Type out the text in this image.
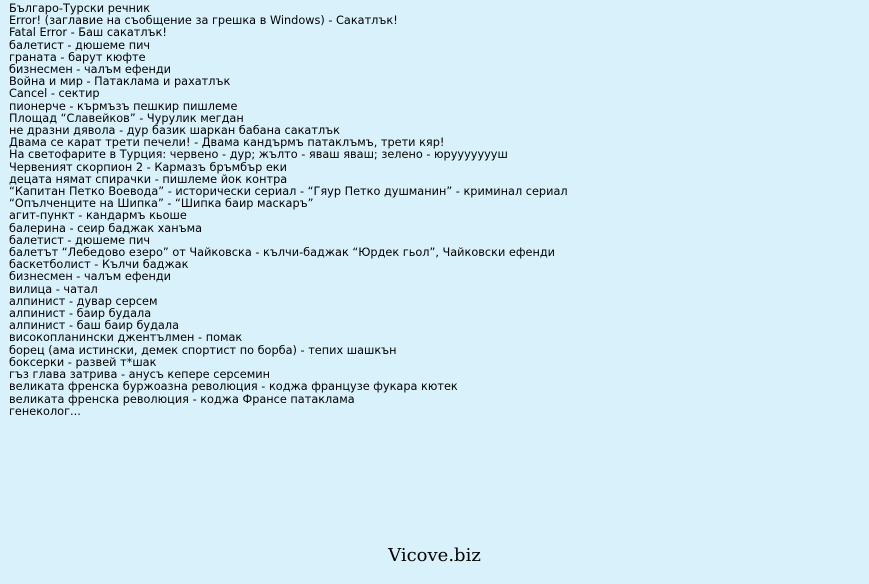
Българо-Турски речник
Error! (заглавие на съобщение за грешка в Windows) - Сакатлък!
Fatal Error - Баш сакатлък!
балетист - дюшеме пич
граната - барут кюфте
бизнесмен - чалъм ефенди
Война и мир - Патаклама и рахатлък
Cancel - сектир
пионерче - кърмъзъ пешкир пишлеме
Площад “Славейков” - Чурулик мегдан
не дразни дявола - дур базик шаркан бабана сакатлък
Двама се карат трети печели! - Двама кандърмъ патаклъмъ, трети кяр!
На светофарите в Турция: червено - дур; жълто - яваш яваш; зелено - юруууууууш
Червеният скорпион 2 - Кармазъ бръмбър еки
децата нямат спирачки - пишлеме йок контра
“Капитан Петко Воевода” - исторически сериал - “Гяур Петко душманин” - криминал сериал
“Опълченците на Шипка” - “Шипка баир маскаръ”
агит-пункт - кандармъ кьоше
балерина - сеир баджак ханъма
балетист - дюшеме пич
балетът “Лебедово езеро” от Чайковска - кълчи-баджак “Юрдек гьол”, Чайковски ефенди
баскетболист - Кълчи баджак
бизнесмен - чалъм ефенди
вилица - чатал
алпинист - дувар серсем
алпинист - баир будала
алпинист - баш баир будала
високопланински джентълмен - помак
борец (ама истински, демек спортист по борба) - тепих шашкън
боксерки - развей т*шак
гъз глава затрива - анусъ кепере серсемин
великата френска буржоазна революция - коджа французе фукара кютек
великата френска революция - коджа Франсе патаклама
генеколог...
Vicove.biz
